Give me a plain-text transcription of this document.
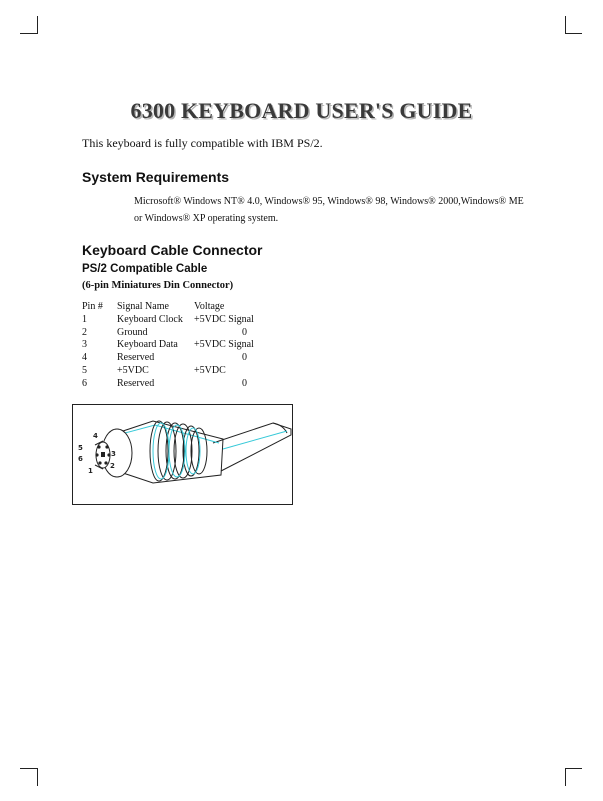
6300 KEYBOARD USER'S GUIDE

This keyboard is fully compatible with IBM PS/2.

System Requirements

Microsoft® Windows NT® 4.0, Windows® 95, Windows® 98, Windows® 2000,Windows® ME or Windows® XP operating system.

Keyboard Cable Connector
PS/2 Compatible Cable
(6-pin Miniatures Din Connector)
Pin #	Signal Name	Voltage
1	Keyboard Clock	+5VDC Signal
2	Ground	0
3	Keyboard Data	+5VDC Signal
4	Reserved	0
5	+5VDC	+5VDC
6	Reserved	0
1
2
3
4
5
6
